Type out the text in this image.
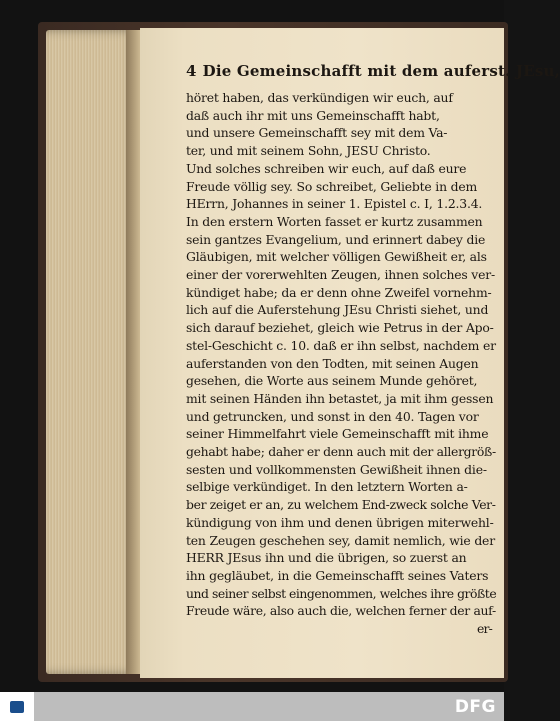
4 Die Gemeinschafft mit dem auferst. JEsu,
höret haben, das verkündigen wir euch, auf
daß auch ihr mit uns Gemeinschafft habt,
und unsere Gemeinschafft sey mit dem Va-
ter, und mit seinem Sohn, JESU Christo.
Und solches schreiben wir euch, auf daß eure
Freude völlig sey. So schreibet, Geliebte in dem
HErrn, Johannes in seiner 1. Epistel c. I, 1.2.3.4.
In den erstern Worten fasset er kurtz zusammen
sein gantzes Evangelium, und erinnert dabey die
Gläubigen, mit welcher völligen Gewißheit er, als
einer der vorerwehlten Zeugen, ihnen solches ver-
kündiget habe; da er denn ohne Zweifel vornehm-
lich auf die Auferstehung JEsu Christi siehet, und
sich darauf beziehet, gleich wie Petrus in der Apo-
stel-Geschicht c. 10. daß er ihn selbst, nachdem er
auferstanden von den Todten, mit seinen Augen
gesehen, die Worte aus seinem Munde gehöret,
mit seinen Händen ihn betastet, ja mit ihm gessen
und getruncken, und sonst in den 40. Tagen vor
seiner Himmelfahrt viele Gemeinschafft mit ihme
gehabt habe; daher er denn auch mit der allergröß-
sesten und vollkommensten Gewißheit ihnen die-
selbige verkündiget. In den letztern Worten a-
ber zeiget er an, zu welchem End-zweck solche Ver-
kündigung von ihm und denen übrigen miterwehl-
ten Zeugen geschehen sey, damit nemlich, wie der
HERR JEsus ihn und die übrigen, so zuerst an
ihn gegläubet, in die Gemeinschafft seines Vaters
und seiner selbst eingenommen, welches ihre größte
Freude wäre, also auch die, welchen ferner der auf-
er-
DFG
